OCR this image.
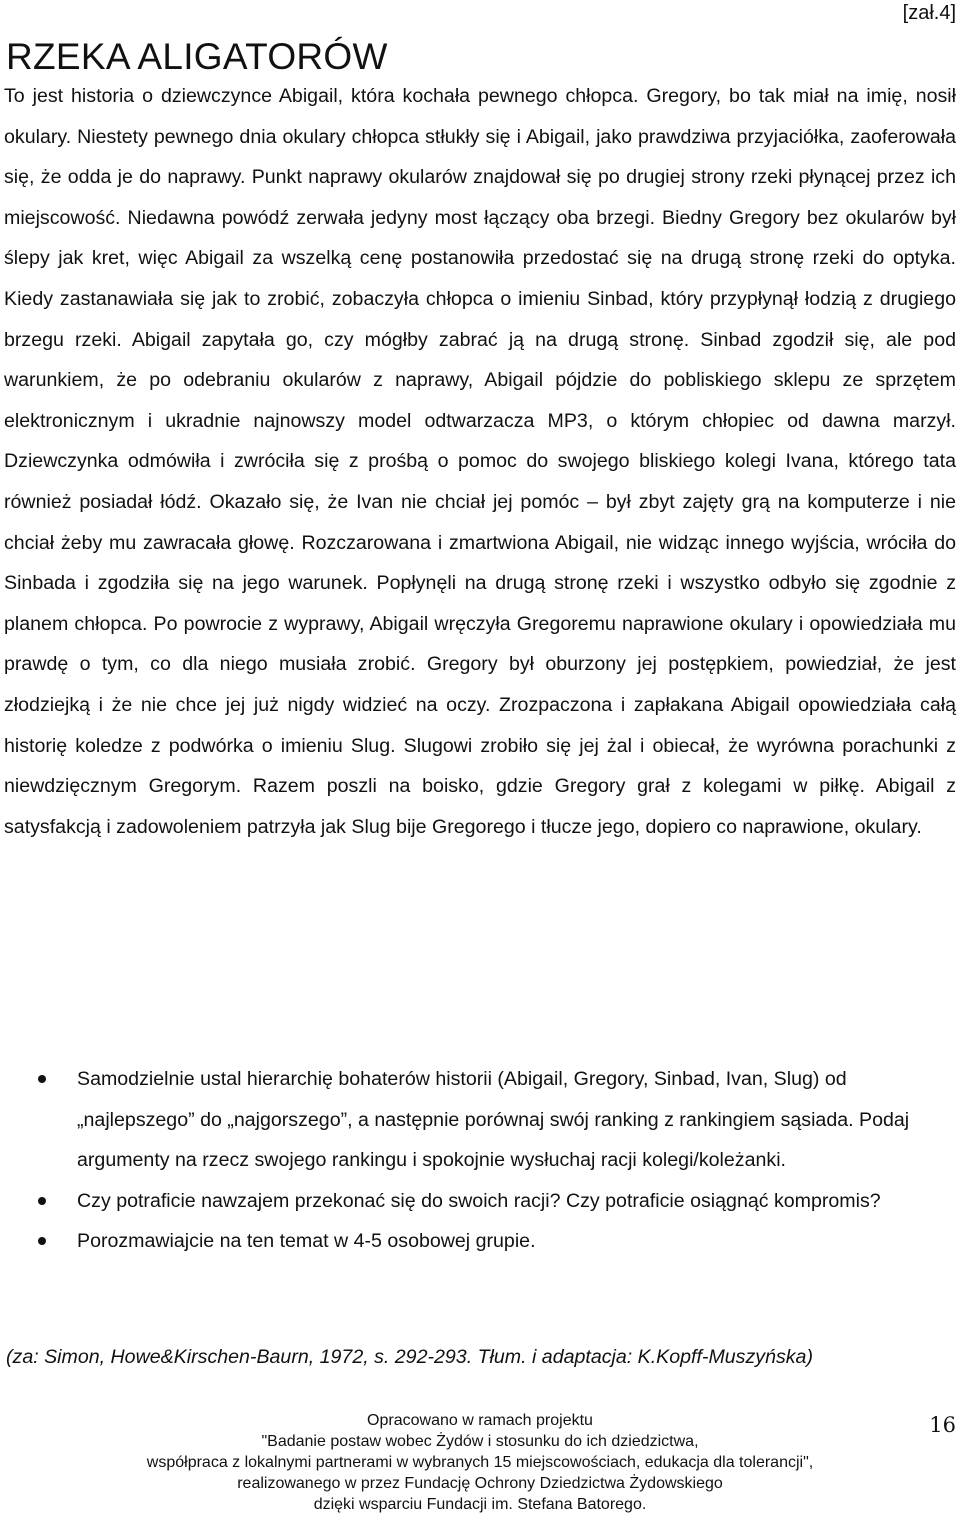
[zał.4]
RZEKA ALIGATORÓW

To jest historia o dziewczynce Abigail, która kochała pewnego chłopca. Gregory, bo tak miał na imię, nosił okulary. Niestety pewnego dnia okulary chłopca stłukły się i Abigail, jako prawdziwa przyjaciółka, zaoferowała się, że odda je do naprawy. Punkt naprawy okularów znajdował się po drugiej strony rzeki płynącej przez ich miejscowość. Niedawna powódź zerwała jedyny most łączący oba brzegi. Biedny Gregory bez okularów był ślepy jak kret, więc Abigail za wszelką cenę postanowiła przedostać się na drugą stronę rzeki do optyka. Kiedy zastanawiała się jak to zrobić, zobaczyła chłopca o imieniu Sinbad, który przypłynął łodzią z drugiego brzegu rzeki. Abigail zapytała go, czy mógłby zabrać ją na drugą stronę. Sinbad zgodził się, ale pod warunkiem, że po odebraniu okularów z naprawy, Abigail pójdzie do pobliskiego sklepu ze sprzętem elektronicznym i ukradnie najnowszy model odtwarzacza MP3, o którym chłopiec od dawna marzył. Dziewczynka odmówiła i zwróciła się z prośbą o pomoc do swojego bliskiego kolegi Ivana, którego tata również posiadał łódź. Okazało się, że Ivan nie chciał jej pomóc – był zbyt zajęty grą na komputerze i nie chciał żeby mu zawracała głowę. Rozczarowana i zmartwiona Abigail, nie widząc innego wyjścia, wróciła do Sinbada i zgodziła się na jego warunek. Popłynęli na drugą stronę rzeki i wszystko odbyło się zgodnie z planem chłopca. Po powrocie z wyprawy, Abigail wręczyła Gregoremu naprawione okulary i opowiedziała mu prawdę o tym, co dla niego musiała zrobić. Gregory był oburzony jej postępkiem, powiedział, że jest złodziejką i że nie chce jej już nigdy widzieć na oczy. Zrozpaczona i zapłakana Abigail opowiedziała całą historię koledze z podwórka o imieniu Slug. Slugowi zrobiło się jej żal i obiecał, że wyrówna porachunki z niewdzięcznym Gregorym. Razem poszli na boisko, gdzie Gregory grał z kolegami w piłkę. Abigail z satysfakcją i zadowoleniem patrzyła jak Slug bije Gregorego i tłucze jego, dopiero co naprawione, okulary.

Samodzielnie ustal hierarchię bohaterów historii (Abigail, Gregory, Sinbad, Ivan, Slug) od „najlepszego” do „najgorszego”, a następnie porównaj swój ranking z rankingiem sąsiada. Podaj argumenty na rzecz swojego rankingu i spokojnie wysłuchaj racji kolegi/koleżanki.
Czy potraficie nawzajem przekonać się do swoich racji? Czy potraficie osiągnąć kompromis?
Porozmawiajcie na ten temat w 4-5 osobowej grupie.

(za: Simon, Howe&Kirschen-Baurn, 1972, s. 292-293. Tłum. i adaptacja: K.Kopff-Muszyńska)

Opracowano w ramach projektu
"Badanie postaw wobec Żydów i stosunku do ich dziedzictwa,
współpraca z lokalnymi partnerami w wybranych 15 miejscowościach, edukacja dla tolerancji",
realizowanego w przez Fundację Ochrony Dziedzictwa Żydowskiego
dzięki wsparciu Fundacji im. Stefana Batorego.
16
